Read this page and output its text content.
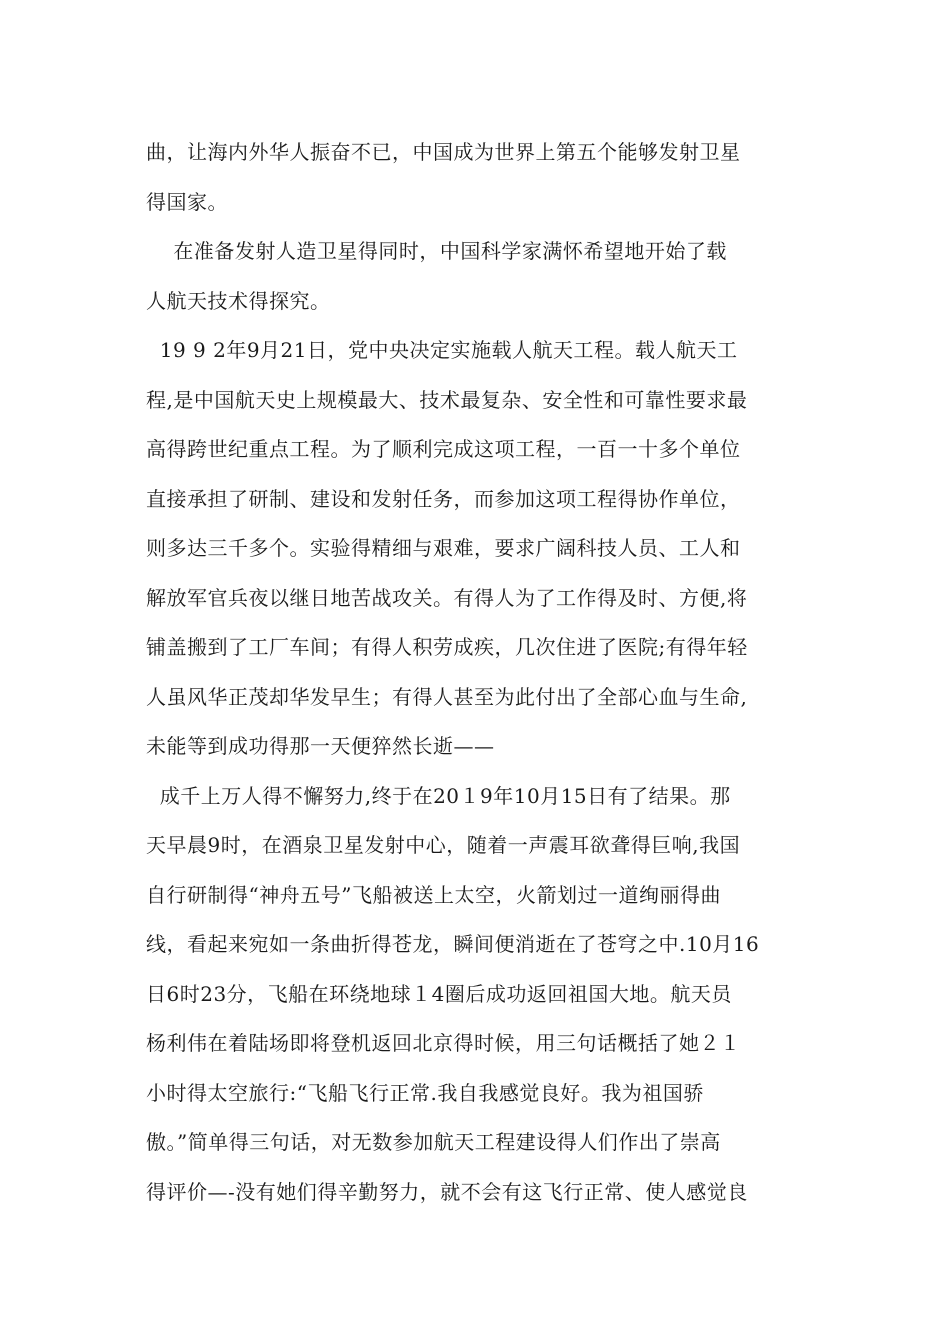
曲，让海内外华人振奋不已，中国成为世界上第五个能够发射卫星
得国家。
在准备发射人造卫星得同时，中国科学家满怀希望地开始了载
人航天技术得探究。
19 9 2年9月21日，党中央决定实施载人航天工程。载人航天工
程,是中国航天史上规模最大、技术最复杂、安全性和可靠性要求最
高得跨世纪重点工程。为了顺利完成这项工程，一百一十多个单位
直接承担了研制、建设和发射任务，而参加这项工程得协作单位，
则多达三千多个。实验得精细与艰难，要求广阔科技人员、工人和
解放军官兵夜以继日地苦战攻关。有得人为了工作得及时、方便,将
铺盖搬到了工厂车间；有得人积劳成疾，几次住进了医院;有得年轻
人虽风华正茂却华发早生；有得人甚至为此付出了全部心血与生命,
未能等到成功得那一天便猝然长逝——
成千上万人得不懈努力,终于在20１9年10月15日有了结果。那
天早晨9时，在酒泉卫星发射中心，随着一声震耳欲聋得巨响,我国
自行研制得“神舟五号”飞船被送上太空，火箭划过一道绚丽得曲
线，看起来宛如一条曲折得苍龙，瞬间便消逝在了苍穹之中.10月16
日6时23分，飞船在环绕地球１4圈后成功返回祖国大地。航天员
杨利伟在着陆场即将登机返回北京得时候，用三句话概括了她２１
小时得太空旅行:“飞船飞行正常.我自我感觉良好。我为祖国骄
傲。”简单得三句话，对无数参加航天工程建设得人们作出了崇高
得评价—-没有她们得辛勤努力，就不会有这飞行正常、使人感觉良
